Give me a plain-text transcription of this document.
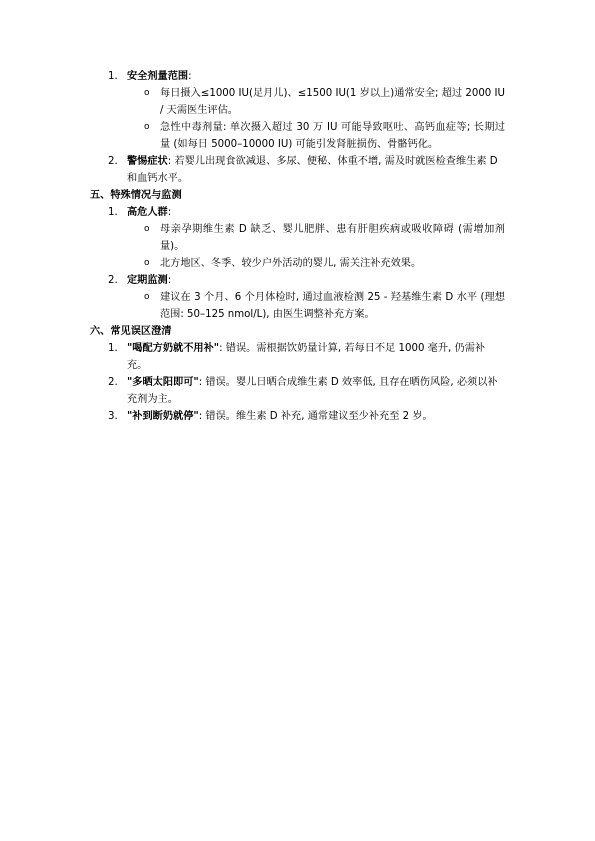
1. 安全剂量范围:
o 每日摄入≤1000 IU(足月儿)、≤1500 IU(1 岁以上)通常安全; 超过 2000 IU / 天需医生评估。
o 急性中毒剂量: 单次摄入超过 30 万 IU 可能导致呕吐、高钙血症等; 长期过量 (如每日 5000–10000 IU) 可能引发肾脏损伤、骨骼钙化。
2. 警惕症状: 若婴儿出现食欲减退、多尿、便秘、体重不增, 需及时就医检查维生素 D 和血钙水平。
五、特殊情况与监测
1. 高危人群:
o 母亲孕期维生素 D 缺乏、婴儿肥胖、患有肝胆疾病或吸收障碍 (需增加剂量)。
o 北方地区、冬季、较少户外活动的婴儿, 需关注补充效果。
2. 定期监测:
o 建议在 3 个月、6 个月体检时, 通过血液检测 25 - 羟基维生素 D 水平 (理想范围: 50–125 nmol/L), 由医生调整补充方案。
六、常见误区澄清
1. "喝配方奶就不用补": 错误。需根据饮奶量计算, 若每日不足 1000 毫升, 仍需补充。
2. "多晒太阳即可": 错误。婴儿日晒合成维生素 D 效率低, 且存在晒伤风险, 必须以补充剂为主。
3. "补到断奶就停": 错误。维生素 D 补充, 通常建议至少补充至 2 岁。
